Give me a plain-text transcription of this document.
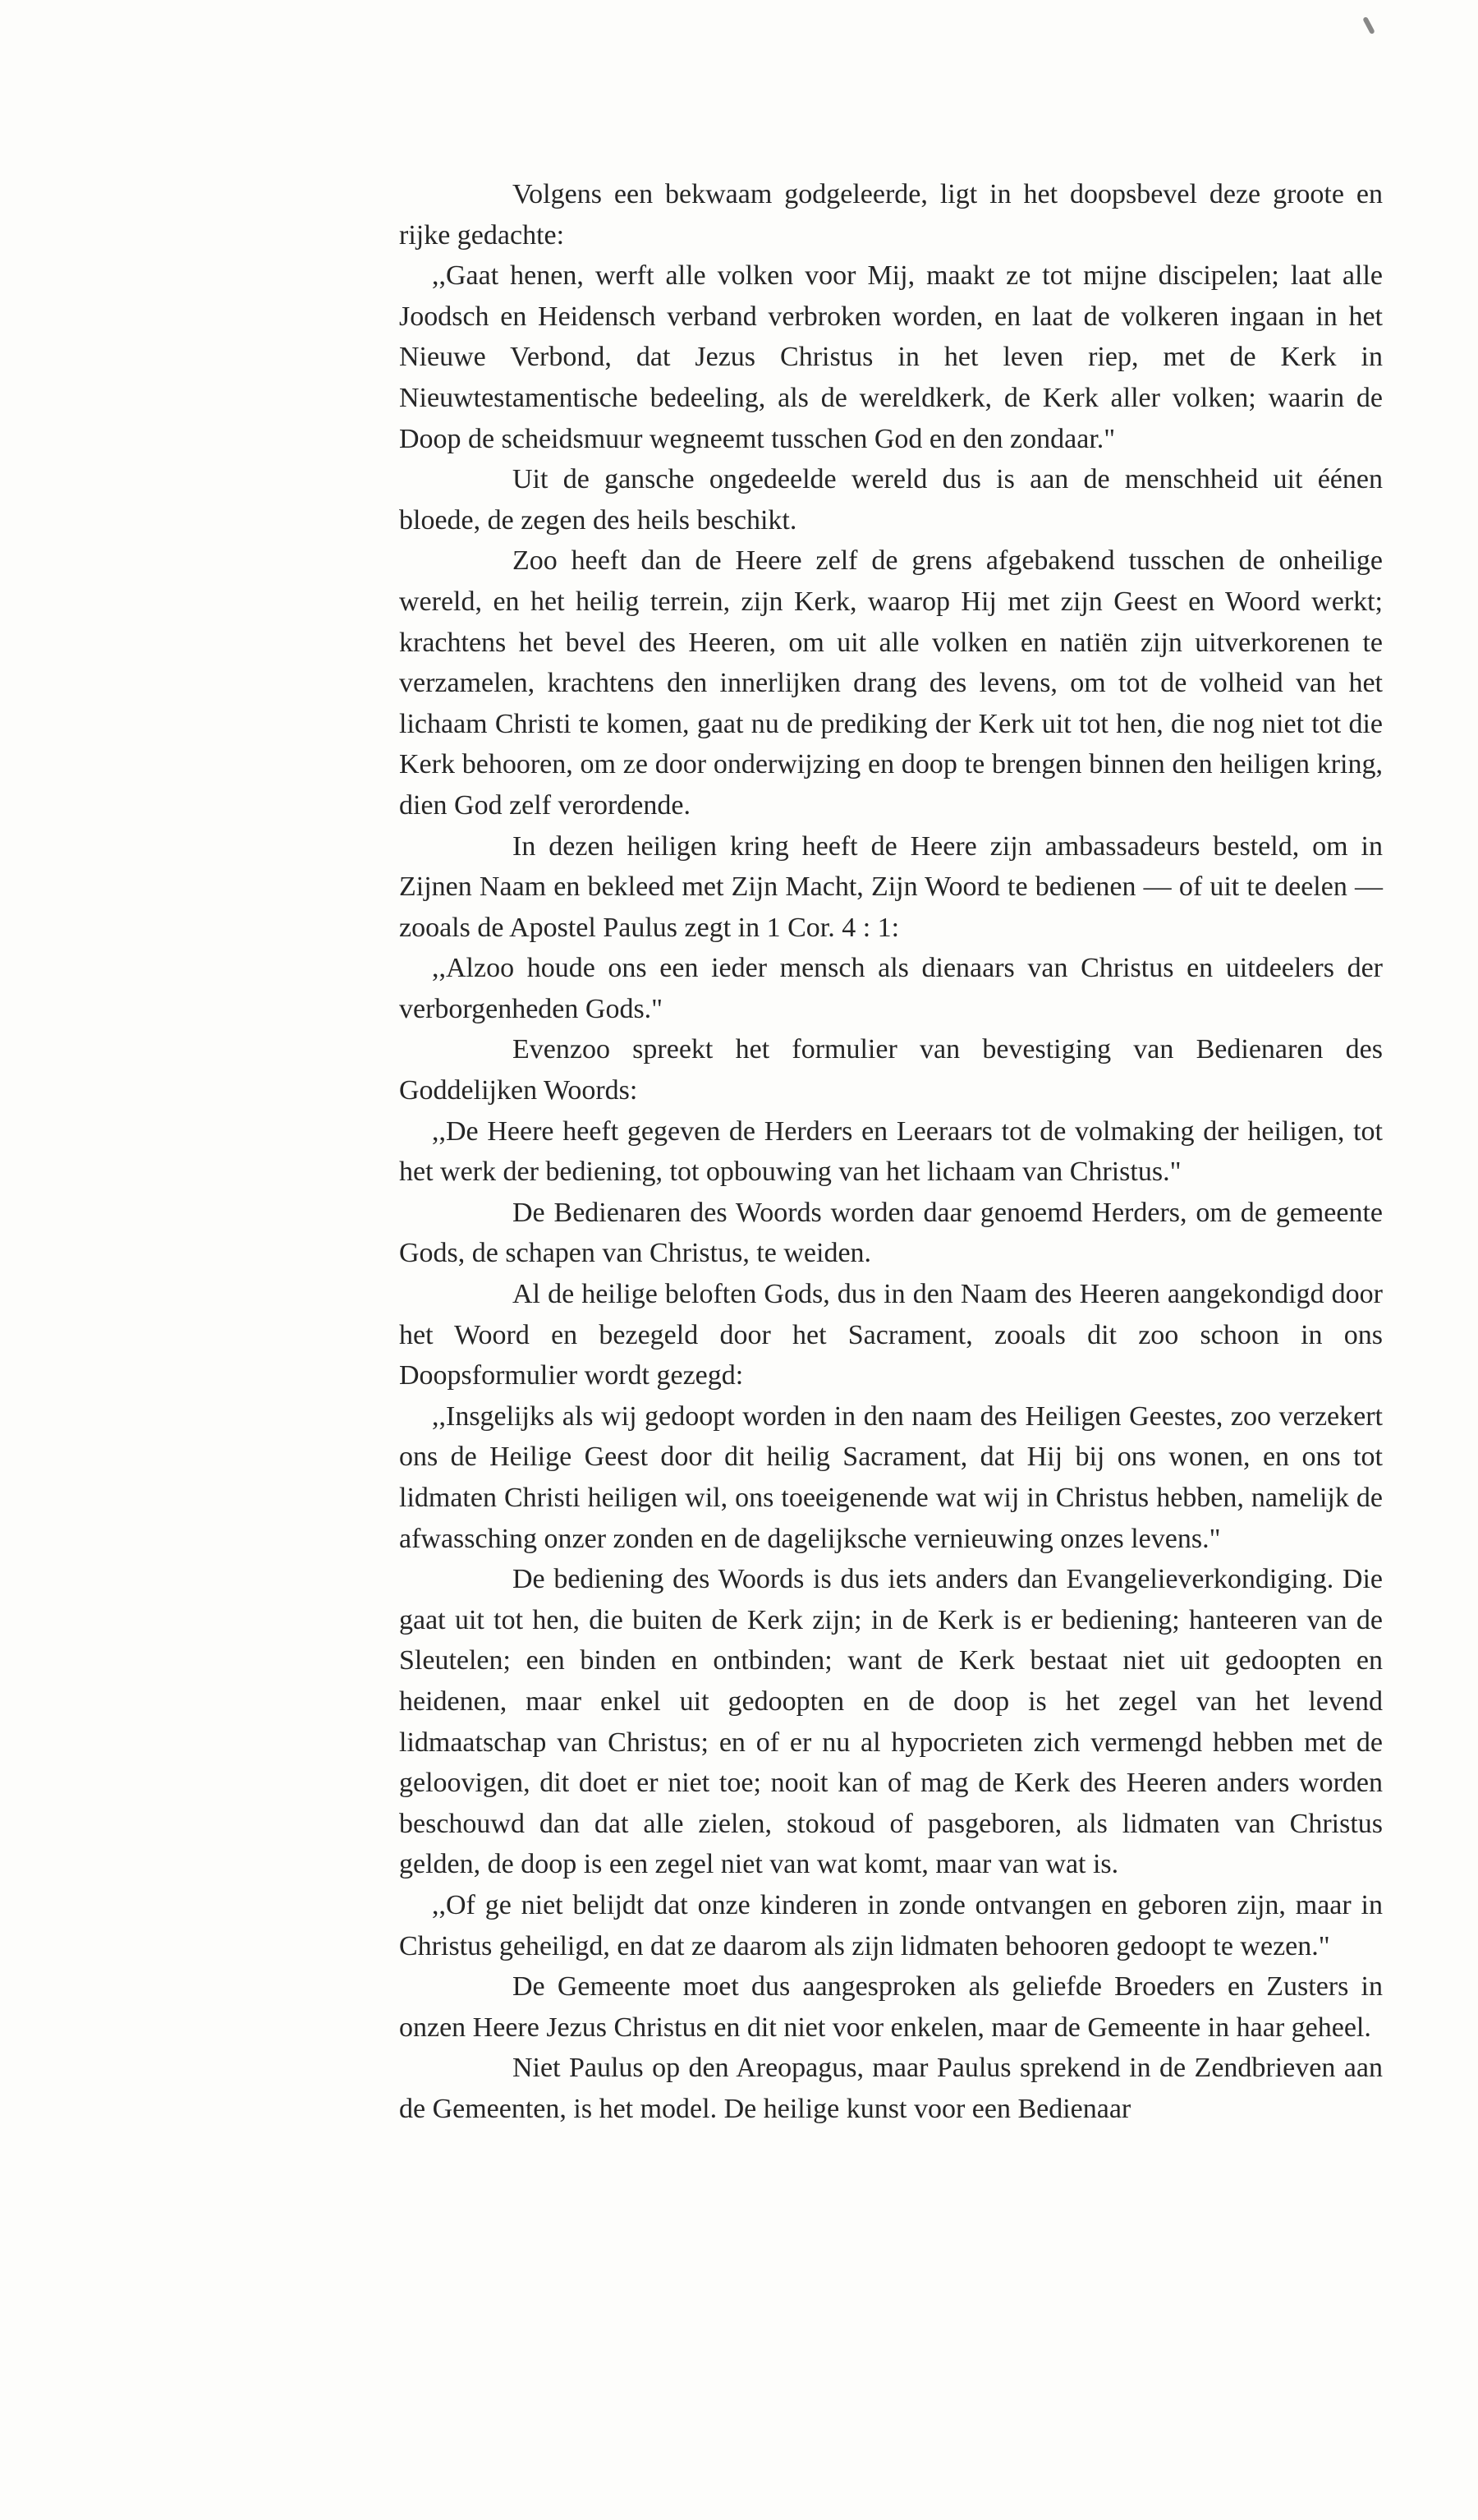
Volgens een bekwaam godgeleerde, ligt in het doopsbevel deze groote en rijke gedachte:

,,Gaat henen, werft alle volken voor Mij, maakt ze tot mijne discipelen; laat alle Joodsch en Heidensch verband verbroken worden, en laat de volkeren ingaan in het Nieuwe Verbond, dat Jezus Christus in het leven riep, met de Kerk in Nieuwtestamentische bedeeling, als de wereldkerk, de Kerk aller volken; waarin de Doop de scheidsmuur wegneemt tusschen God en den zondaar."

Uit de gansche ongedeelde wereld dus is aan de menschheid uit éénen bloede, de zegen des heils beschikt.

Zoo heeft dan de Heere zelf de grens afgebakend tusschen de onheilige wereld, en het heilig terrein, zijn Kerk, waarop Hij met zijn Geest en Woord werkt; krachtens het bevel des Heeren, om uit alle volken en natiën zijn uitverkorenen te verzamelen, krachtens den innerlijken drang des levens, om tot de volheid van het lichaam Christi te komen, gaat nu de prediking der Kerk uit tot hen, die nog niet tot die Kerk behooren, om ze door onderwijzing en doop te brengen binnen den heiligen kring, dien God zelf verordende.

In dezen heiligen kring heeft de Heere zijn ambassadeurs besteld, om in Zijnen Naam en bekleed met Zijn Macht, Zijn Woord te bedienen — of uit te deelen — zooals de Apostel Paulus zegt in 1 Cor. 4 : 1:

,,Alzoo houde ons een ieder mensch als dienaars van Christus en uitdeelers der verborgenheden Gods."

Evenzoo spreekt het formulier van bevestiging van Bedienaren des Goddelijken Woords:

,,De Heere heeft gegeven de Herders en Leeraars tot de volmaking der heiligen, tot het werk der bediening, tot opbouwing van het lichaam van Christus."

De Bedienaren des Woords worden daar genoemd Herders, om de gemeente Gods, de schapen van Christus, te weiden.

Al de heilige beloften Gods, dus in den Naam des Heeren aangekondigd door het Woord en bezegeld door het Sacrament, zooals dit zoo schoon in ons Doopsformulier wordt gezegd:

,,Insgelijks als wij gedoopt worden in den naam des Heiligen Geestes, zoo verzekert ons de Heilige Geest door dit heilig Sacrament, dat Hij bij ons wonen, en ons tot lidmaten Christi heiligen wil, ons toeeigenende wat wij in Christus hebben, namelijk de afwassching onzer zonden en de dagelijksche vernieuwing onzes levens."

De bediening des Woords is dus iets anders dan Evangelieverkondiging. Die gaat uit tot hen, die buiten de Kerk zijn; in de Kerk is er bediening; hanteeren van de Sleutelen; een binden en ontbinden; want de Kerk bestaat niet uit gedoopten en heidenen, maar enkel uit gedoopten en de doop is het zegel van het levend lidmaatschap van Christus; en of er nu al hypocrieten zich vermengd hebben met de geloovigen, dit doet er niet toe; nooit kan of mag de Kerk des Heeren anders worden beschouwd dan dat alle zielen, stokoud of pasgeboren, als lidmaten van Christus gelden, de doop is een zegel niet van wat komt, maar van wat is.

,,Of ge niet belijdt dat onze kinderen in zonde ontvangen en geboren zijn, maar in Christus geheiligd, en dat ze daarom als zijn lidmaten behooren gedoopt te wezen."

De Gemeente moet dus aangesproken als geliefde Broeders en Zusters in onzen Heere Jezus Christus en dit niet voor enkelen, maar de Gemeente in haar geheel.

Niet Paulus op den Areopagus, maar Paulus sprekend in de Zendbrieven aan de Gemeenten, is het model. De heilige kunst voor een Bedienaar
